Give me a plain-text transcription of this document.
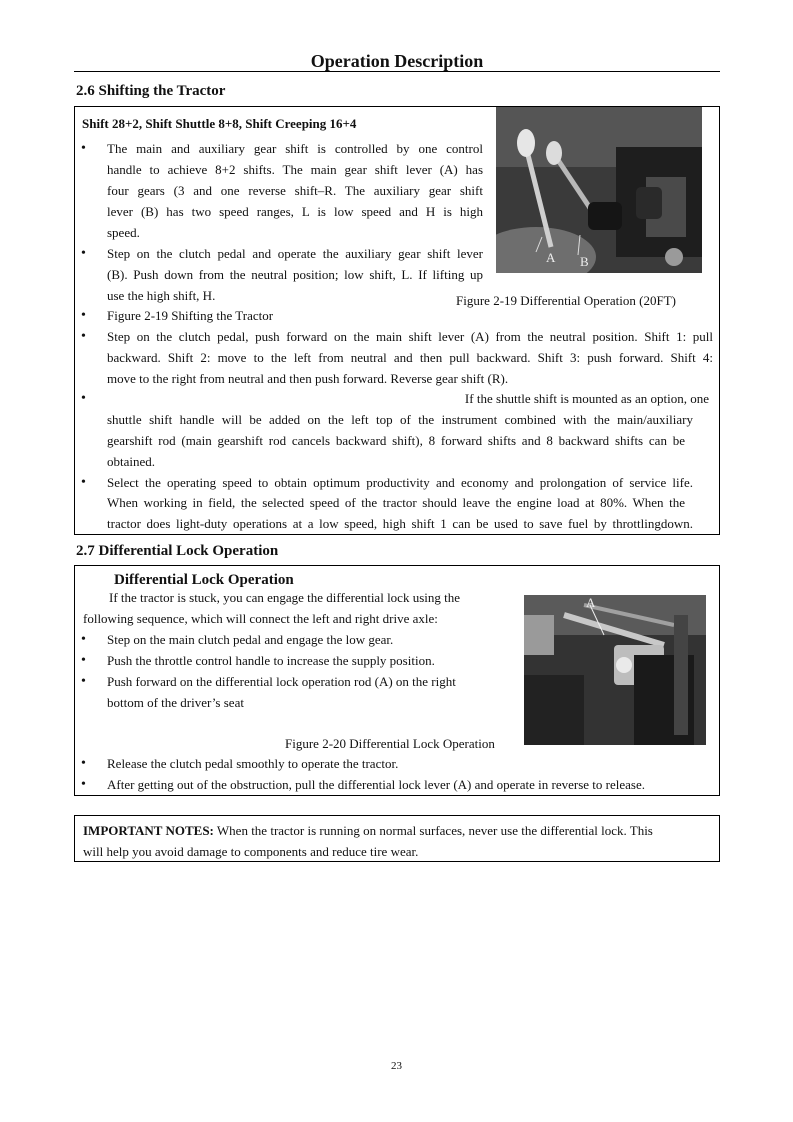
Operation Description
2.6 Shifting the Tractor
Shift 28+2, Shift Shuttle 8+8, Shift Creeping 16+4
• The main and auxiliary gear shift is controlled by one control
handle to achieve 8+2 shifts. The main gear shift lever (A) has
four gears (3 and one reverse shift–R. The auxiliary gear shift
lever (B) has two speed ranges, L is low speed and H is high
speed.
• Step on the clutch pedal and operate the auxiliary gear shift lever
(B). Push down from the neutral position; low shift, L. If lifting up
use the high shift, H.
A B
Figure 2-19 Differential Operation (20FT)
• Figure 2-19 Shifting the Tractor
• Step on the clutch pedal, push forward on the main shift lever (A) from the neutral position. Shift 1: pull
backward. Shift 2: move to the left from neutral and then pull backward. Shift 3: push forward. Shift 4:
move to the right from neutral and then push forward. Reverse gear shift (R).
•	If the shuttle shift is mounted as an option, one
shuttle shift handle will be added on the left top of the instrument combined with the main/auxiliary
gearshift rod (main gearshift rod cancels backward shift), 8 forward shifts and 8 backward shifts can be
obtained.
• Select the operating speed to obtain optimum productivity and economy and prolongation of service life.
When working in field, the selected speed of the tractor should leave the engine load at 80%. When the
tractor does light-duty operations at a low speed, high shift 1 can be used to save fuel by throttlingdown.
2.7 Differential Lock Operation
Differential Lock Operation
If the tractor is stuck, you can engage the differential lock using the
following sequence, which will connect the left and right drive axle:
• Step on the main clutch pedal and engage the low gear.
• Push the throttle control handle to increase the supply position.
• Push forward on the differential lock operation rod (A) on the right
bottom of the driver’s seat
A
Figure 2-20 Differential Lock Operation
• Release the clutch pedal smoothly to operate the tractor.
• After getting out of the obstruction, pull the differential lock lever (A) and operate in reverse to release.
IMPORTANT NOTES: When the tractor is running on normal surfaces, never use the differential lock. This
will help you avoid damage to components and reduce tire wear.
23
